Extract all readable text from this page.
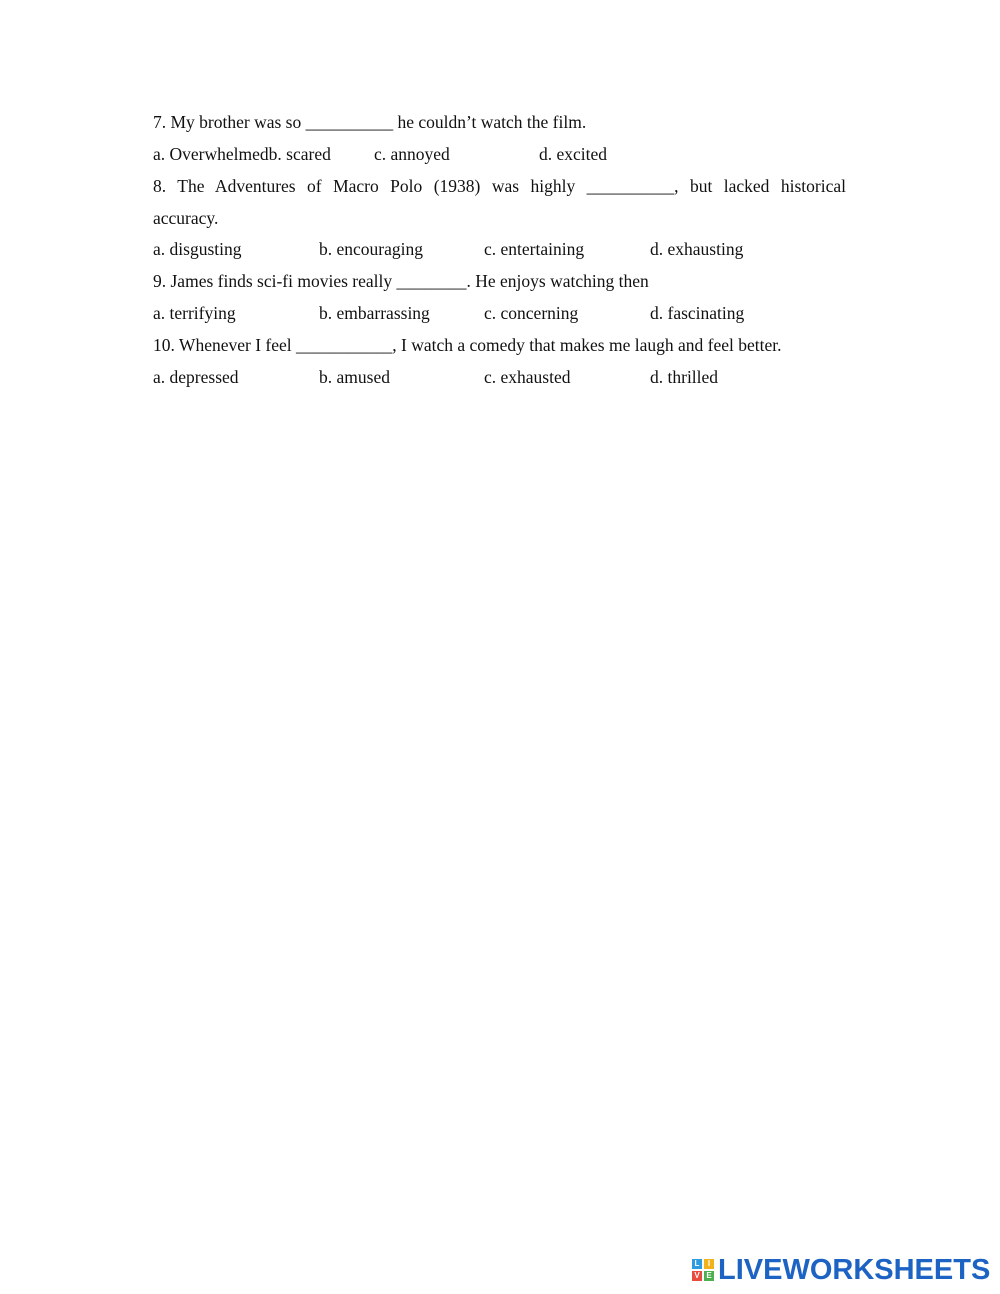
7. My brother was so __________ he couldn’t watch the film.
a. Overwhelmedb. scared c. annoyed	d. excited
8. The Adventures of Macro Polo (1938) was highly __________, but lacked historical
accuracy.
a. disgusting	b. encouraging	c. entertaining	d. exhausting
9. James finds sci-fi movies really ________. He enjoys watching then
a. terrifying	b. embarrassing	c. concerning	d. fascinating
10. Whenever I feel ___________, I watch a comedy that makes me laugh and feel better.
a. depressed	b. amused	c. exhausted	d. thrilled
L	I
V E LIVEWORKSHEETS
